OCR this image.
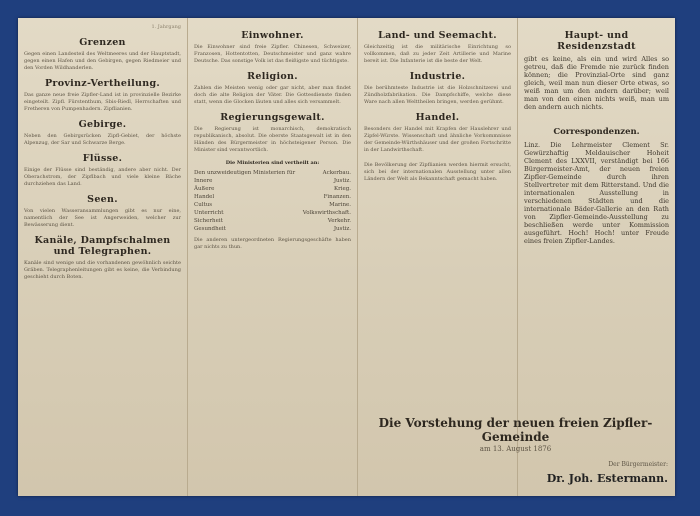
1. Jahrgang
Grenzen
Gegen einen Landesteil des Weltmeeres und der Hauptstadt, gegen einen Hafen und den Gebirgen, gegen Riedmeier und den Vorden Wildhanderlen.
Provinz-Vertheilung.
Das ganze neue freie Zipfler-Land ist in provinzielle Bezirke eingeteilt. Zipfl. Fürstenthum, Sbis-Riedl, Herrschaften und Fretheren von Pumpenhadern. Zipflianien.
Gebirge.
Neben den Gebirgsrücken Zipfl-Gebiet, der höchste Alpenzug, der Sar und Schwarze Berge.
Flüsse.
Einige der Flüsse sind beständig, andere aber nicht. Der Oberachstrom, der Zipflbach und viele kleine Bäche durchziehen das Land.
Seen.
Von vielen Wasseransammlungen gibt es nur eine, namentlich der See ist Angerweiden, welcher zur Bewässerung dient.
Kanäle, Dampfschalmen und Telegraphen.
Kanäle sind wenige und die vorhandenen gewöhnlich seichte Gräben. Telegraphenleitungen gibt es keine, die Verbindung geschieht durch Boten.
Einwohner.
Die Einwohner sind freie Zipfler. Chinesen, Schweizer, Franzosen, Hottentotten, Deutschmeister und ganz wahre Deutsche. Das sonstige Volk ist das fleißigste und tüchtigste.
Religion.
Zahlen die Meisten wenig oder gar nicht, aber man findet doch die alte Religion der Väter. Die Gottesdienste finden statt, wenn die Glocken läuten und alles sich versammelt.
Regierungsgewalt.
Die Regierung ist monarchisch, demokratisch republikanisch, absolut. Die oberste Staatsgewalt ist in den Händen des Bürgermeister in höchsteigener Person. Die Minister sind verantwortlich.
Die Ministerien sind vertheilt an:
Den unzweideutigen Ministerien für	Ackerbau.
Innere	Justiz.
Äußere	Krieg.
Handel	Finanzen.
Cultus	Marine.
Unterricht	Volkswirthschaft.
Sicherheit	Verkehr.
Gesundheit	Justiz.
Die anderen untergeordneten Regierungsgeschäfte haben gar nichts zu thun.
Land- und Seemacht.
Gleichzeitig ist die militärische Einrichtung so vollkommen, daß zu jeder Zeit Artillerie und Marine bereit ist. Die Infanterie ist die beste der Welt.
Industrie.
Die berühmteste Industrie ist die Holzschnitzerei und Zündholzfabrikation. Die Dampfschiffe, welche diese Ware nach allen Welttheilen bringen, werden gerühmt.
Handel.
Besonders der Handel mit Krapfen der Hauslehrer und Zipfel-Würste. Wissenschaft und ähnliche Vorkommnisse der Gemeinde-Würthshäuser und der großen Fortschritte in der Landwirthschaft.
Die Bevölkerung der Zipflianien werden hiermit ersucht, sich bei der internationalen Ausstellung unter allen Ländern der Welt als Bekanntschaft gemacht haben.
Haupt- und Residenzstadt
gibt es keine, als ein und wird Alles so getreu, daß die Fremde nie zurück finden können; die Provinzial-Orte sind ganz gleich, weil man nun dieser Orte etwas, so weiß man um den andern darüber; weil man von den einen nichts weiß, man um den andern auch nichts.
Correspondenzen.
Linz. Die Lehrmeister Clement Sr. Gewürzhaftig Meldauischer Hoheit Clement des LXXVII, verständigt bei 166 Bürgermeister-Amt, der neuen freien Zipfler-Gemeinde durch ihren Stellvertreter mit dem Ritterstand. Und die internationalen Ausstellung in verschiedenen Städten und die internationale Bäder-Gallerie an den Rath von Zipfler-Gemeinde-Ausstellung zu beschließen werde unter Kommission ausgeführt. Hoch! Hoch! unter Freude eines freien Zipfler-Landes.
Die Vorstehung der neuen freien Zipfler-Gemeinde
am 13. August 1876
Der Bürgermeister:
Dr. Joh. Estermann.
